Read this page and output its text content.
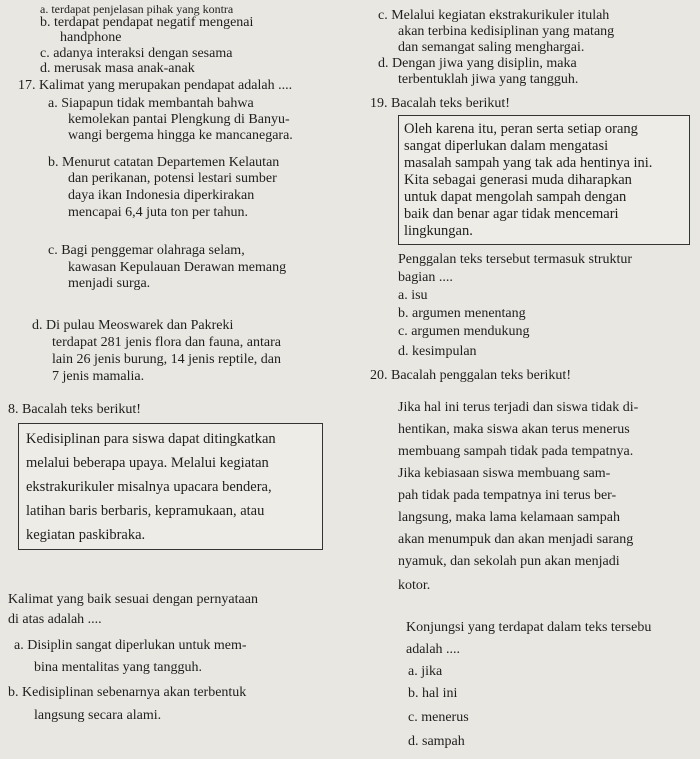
a. terdapat penjelasan pihak yang kontra
b. terdapat pendapat negatif mengenai
handphone
c. adanya interaksi dengan sesama
d. merusak masa anak-anak
17. Kalimat yang merupakan pendapat adalah ....
a. Siapapun tidak membantah bahwa
kemolekan pantai Plengkung di Banyu-
wangi bergema hingga ke mancanegara.
b. Menurut catatan Departemen Kelautan
dan perikanan, potensi lestari sumber
daya ikan Indonesia diperkirakan
mencapai 6,4 juta ton per tahun.
c. Bagi penggemar olahraga selam,
kawasan Kepulauan Derawan memang
menjadi surga.
d. Di pulau Meoswarek dan Pakreki
terdapat 281 jenis flora dan fauna, antara
lain 26 jenis burung, 14 jenis reptile, dan
7 jenis mamalia.
8. Bacalah teks berikut!
Kedisiplinan para siswa dapat ditingkatkan
melalui beberapa upaya. Melalui kegiatan
ekstrakurikuler misalnya upacara bendera,
latihan baris berbaris, kepramukaan, atau
kegiatan paskibraka.
Kalimat yang baik sesuai dengan pernyataan
di atas adalah ....
a. Disiplin sangat diperlukan untuk mem-
bina mentalitas yang tangguh.
b. Kedisiplinan sebenarnya akan terbentuk
langsung secara alami.
c. Melalui kegiatan ekstrakurikuler itulah
akan terbina kedisiplinan yang matang
dan semangat saling menghargai.
d. Dengan jiwa yang disiplin, maka
terbentuklah jiwa yang tangguh.
19. Bacalah teks berikut!
Oleh karena itu, peran serta setiap orang
sangat diperlukan dalam mengatasi
masalah sampah yang tak ada hentinya ini.
Kita sebagai generasi muda diharapkan
untuk dapat mengolah sampah dengan
baik dan benar agar tidak mencemari
lingkungan.
Penggalan teks tersebut termasuk struktur
bagian ....
a. isu
b. argumen menentang
c. argumen mendukung
d. kesimpulan
20. Bacalah penggalan teks berikut!
Jika hal ini terus terjadi dan siswa tidak di-
hentikan, maka siswa akan terus menerus
membuang sampah tidak pada tempatnya.
Jika kebiasaan siswa membuang sam-
pah tidak pada tempatnya ini terus ber-
langsung, maka lama kelamaan sampah
akan menumpuk dan akan menjadi sarang
nyamuk, dan sekolah pun akan menjadi
kotor.
Konjungsi yang terdapat dalam teks tersebu
adalah ....
a. jika
b. hal ini
c. menerus
d. sampah
